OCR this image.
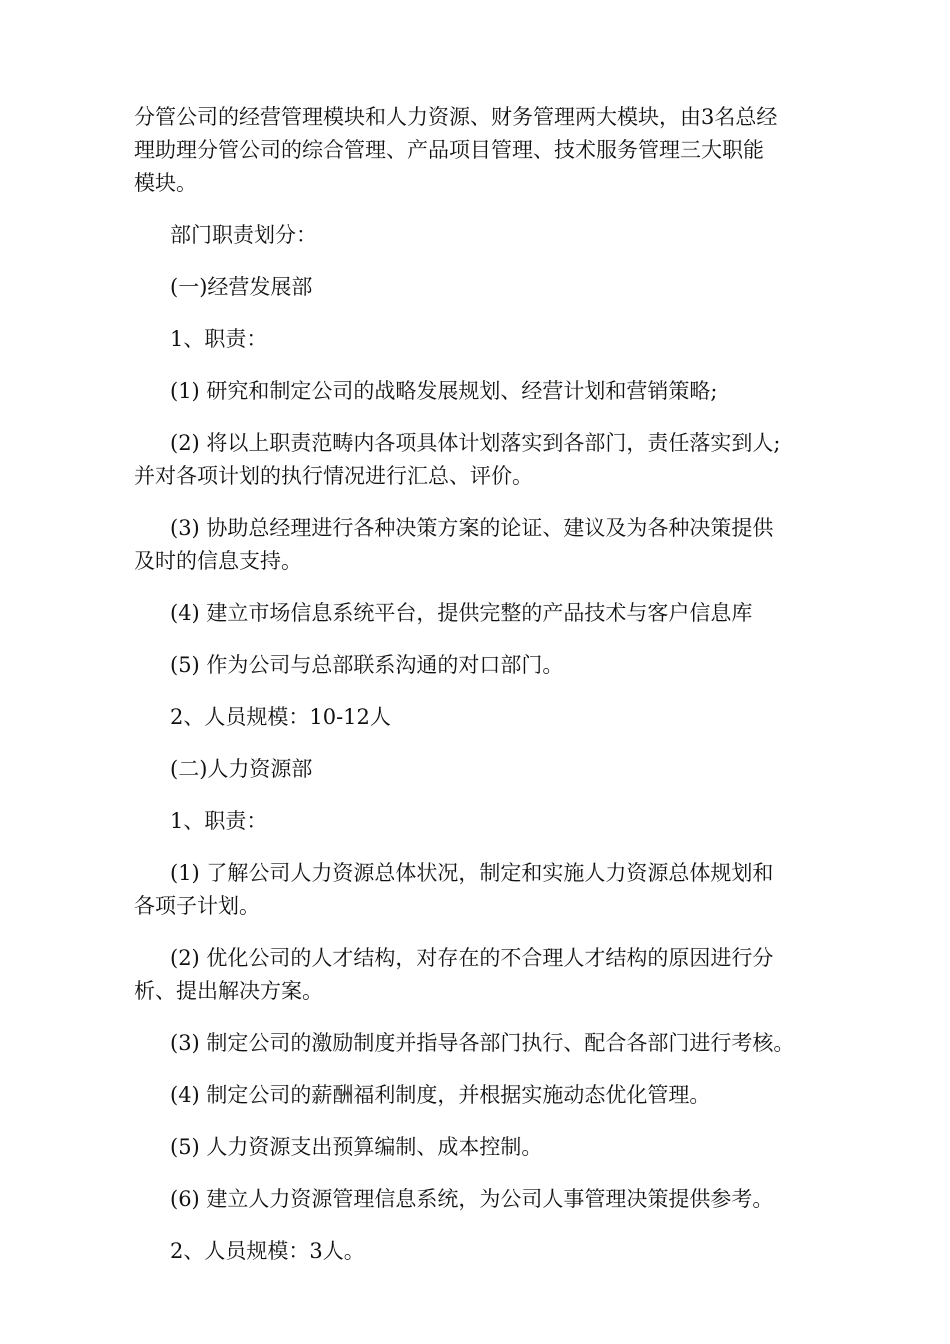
分管公司的经营管理模块和人力资源、财务管理两大模块，由3名总经
理助理分管公司的综合管理、产品项目管理、技术服务管理三大职能
模块。

部门职责划分：

(一)经营发展部

1、职责：

(1) 研究和制定公司的战略发展规划、经营计划和营销策略;

(2) 将以上职责范畴内各项具体计划落实到各部门，责任落实到人;
并对各项计划的执行情况进行汇总、评价。

(3) 协助总经理进行各种决策方案的论证、建议及为各种决策提供
及时的信息支持。

(4) 建立市场信息系统平台，提供完整的产品技术与客户信息库

(5) 作为公司与总部联系沟通的对口部门。

2、人员规模：10-12人

(二)人力资源部

1、职责：

(1) 了解公司人力资源总体状况，制定和实施人力资源总体规划和
各项子计划。

(2) 优化公司的人才结构，对存在的不合理人才结构的原因进行分
析、提出解决方案。

(3) 制定公司的激励制度并指导各部门执行、配合各部门进行考核。

(4) 制定公司的薪酬福利制度，并根据实施动态优化管理。

(5) 人力资源支出预算编制、成本控制。

(6) 建立人力资源管理信息系统，为公司人事管理决策提供参考。

2、人员规模：3人。
